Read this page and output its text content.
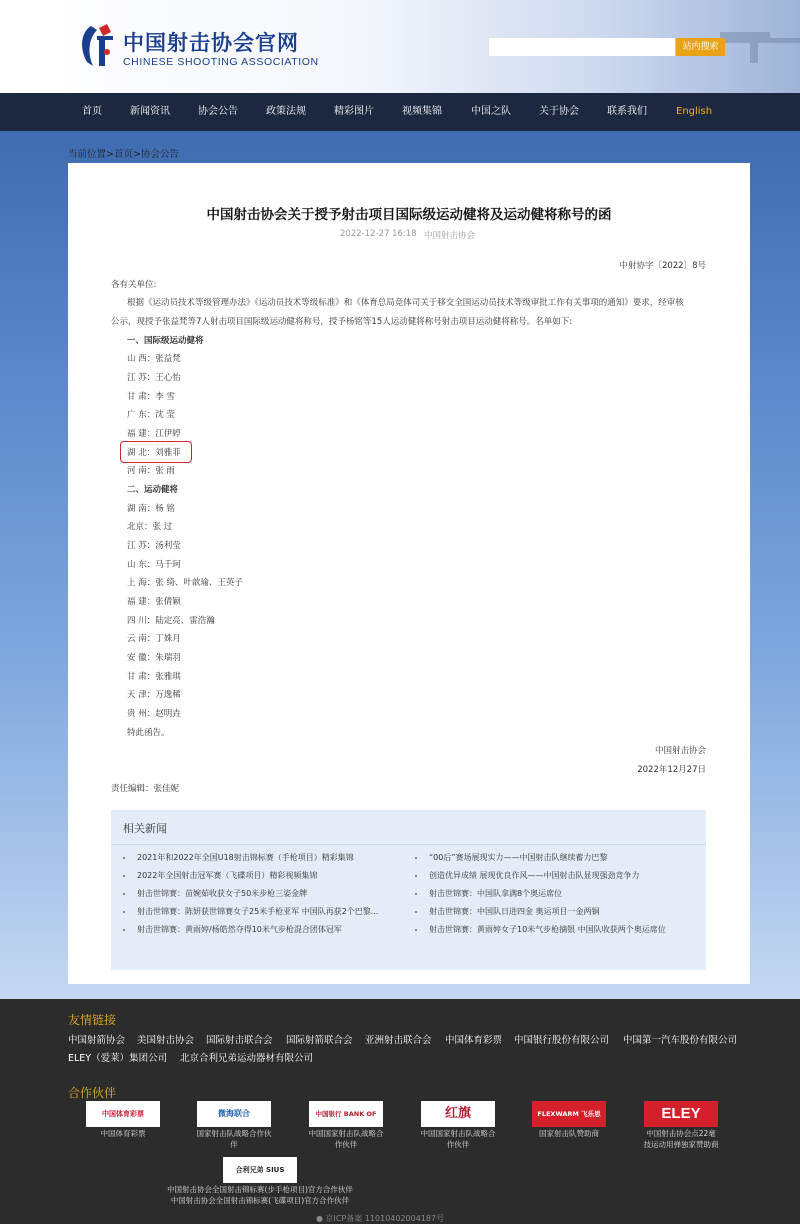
中国射击协会官网
CHINESE SHOOTING ASSOCIATION
站内搜索
首页	新闻资讯	协会公告	政策法规	精彩图片	视频集锦	中国之队	关于协会	联系我们	English
当前位置>首页>协会公告
中国射击协会关于授予射击项目国际级运动健将及运动健将称号的函
2022-12-27 16:18 中国射击协会
中射协字〔2022〕8号
各有关单位:
根据《运动员技术等级管理办法》《运动员技术等级标准》和《体育总局竞体司关于移交全国运动员技术等级审批工作有关事项的通知》要求，经审核
公示，现授予张益梵等7人射击项目国际级运动健将称号，授予杨铭等15人运动健将称号射击项目运动健将称号。名单如下:
一、国际级运动健将
山 西：张益梵
江 苏：王心怡
甘 肃：李 雪
广 东：沈 莹
福 建：江伊婷
湖 北：刘雅菲
河 南：张 雨
二、运动健将
湖 南：杨 铭
北京：张 过
江 苏：汤利莹
山 东：马千珂
上 海：张 绮、叶歆瑜、王英子
福 建：张倩颖
四 川：陆定亮、雷浩瀚
云 南：丁姝月
安 徽：朱瑞羽
甘 肃：张雅琪
天 津：万逸稀
贵 州：赵明垚
特此函告。
中国射击协会
2022年12月27日
责任编辑：张佳妮
相关新闻
2021年和2022年全国U18射击锦标赛（手枪项目）精彩集锦
2022年全国射击冠军赛（飞碟项目）精彩视频集锦
射击世锦赛：苗婉茹收获女子50米步枪三姿金牌
射击世锦赛：陈妍获世锦赛女子25米手枪亚军 中国队再获2个巴黎...
射击世锦赛：黄雨婷/杨皓然夺得10米气步枪混合团体冠军
“00后”赛场展现实力——中国射击队继续蓄力巴黎
创造优异成绩 展现优良作风——中国射击队显现强劲竞争力
射击世锦赛：中国队拿满8个奥运席位
射击世锦赛：中国队日进四金 奥运项目一金两铜
射击世锦赛：黄雨婷女子10米气步枪摘银 中国队收获两个奥运席位
友情链接
中国射箭协会 美国射击协会 国际射击联合会 国际射箭联合会 亚洲射击联合会 中国体育彩票 中国银行股份有限公司 中国第一汽车股份有限公司
ELEY（爱莱）集团公司 北京合利兄弟运动器材有限公司
合作伙伴
中国体育彩票
中国体育彩票
微海联合
国家射击队战略合作伙
伴
中国银行 BANK OF
中国国家射击队战略合
作伙伴
红旗
中国国家射击队战略合
作伙伴
FLEXWARM 飞乐思
国家射击队赞助商
ELEY
中国射击协会点22毫
技运动用弹独家赞助商
合利兄弟 SIUS
中国射击协会全国射击锦标赛(步手枪项目)官方合作伙伴
中国射击协会全国射击锦标赛(飞碟项目)官方合作伙伴
● 京ICP备案 11010402004187号
